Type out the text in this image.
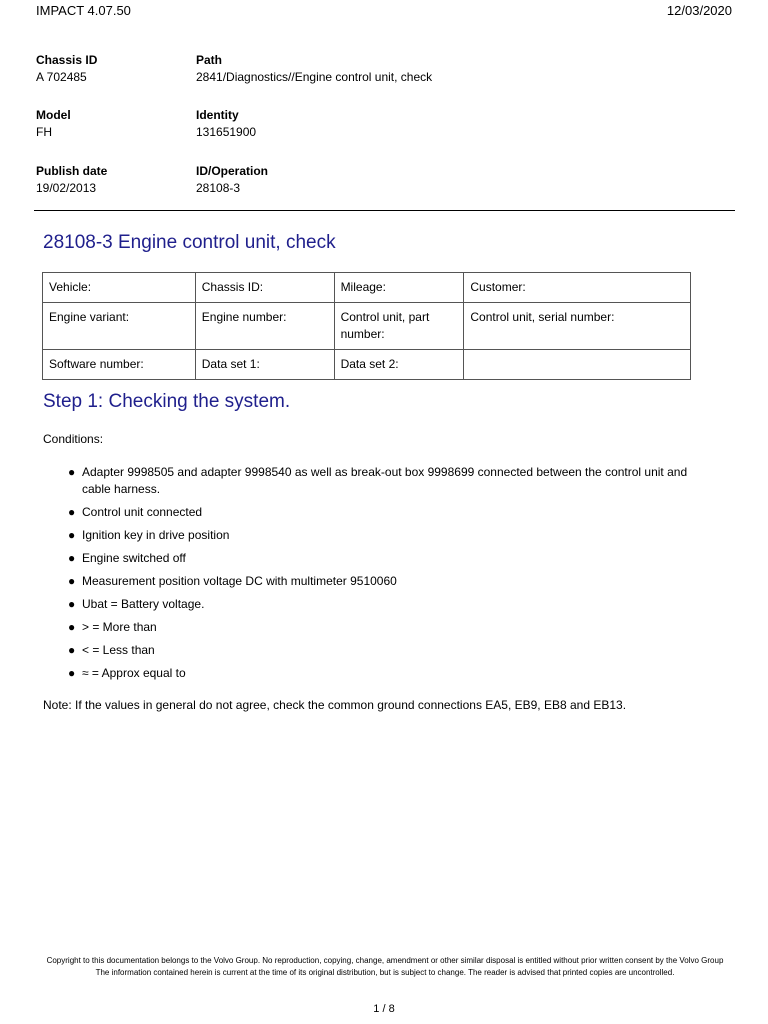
IMPACT 4.07.50	12/03/2020
Chassis ID
A 702485
Path
2841/Diagnostics//Engine control unit, check
Model
FH
Identity
131651900
Publish date
19/02/2013
ID/Operation
28108-3
28108-3 Engine control unit, check
Vehicle:	Chassis ID:	Mileage:	Customer:
Engine variant:	Engine number:	Control unit, part number:	Control unit, serial number:
Software number:	Data set 1:	Data set 2:	
Step 1: Checking the system.
Conditions:
● Adapter 9998505 and adapter 9998540 as well as break-out box 9998699 connected between the control unit and cable harness.
● Control unit connected
● Ignition key in drive position
● Engine switched off
● Measurement position voltage DC with multimeter 9510060
● Ubat = Battery voltage.
● > = More than
● < = Less than
● ≈ = Approx equal to
Note: If the values in general do not agree, check the common ground connections EA5, EB9, EB8 and EB13.
Copyright to this documentation belongs to the Volvo Group. No reproduction, copying, change, amendment or other similar disposal is entitled without prior written consent by the Volvo Group
The information contained herein is current at the time of its original distribution, but is subject to change. The reader is advised that printed copies are uncontrolled.
1 / 8
